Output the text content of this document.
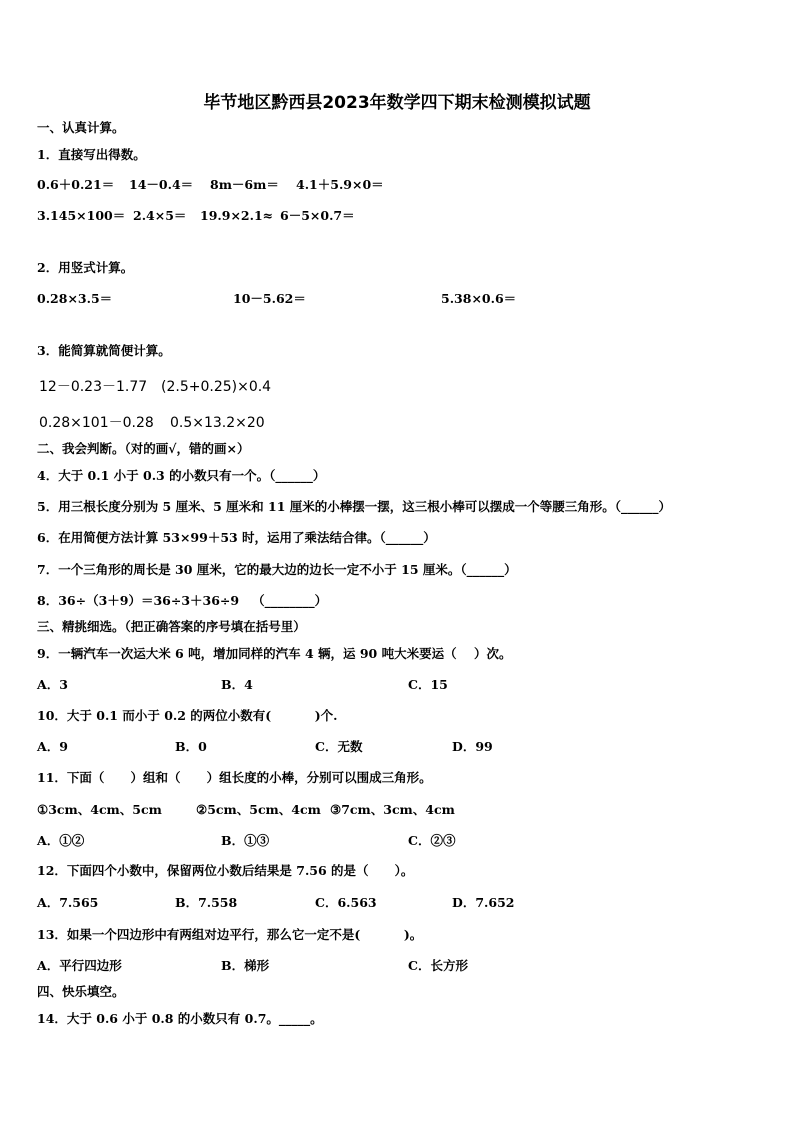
毕节地区黔西县2023年数学四下期末检测模拟试题
一、认真计算。
1．直接写出得数。
0.6＋0.21＝ 14－0.4＝ 8m－6m＝ 4.1＋5.9×0＝
3.145×100＝ 2.4×5＝ 19.9×2.1≈ 6－5×0.7＝
2．用竖式计算。
0.28×3.5＝	10－5.62＝	5.38×0.6＝
3．能简算就简便计算。
12－0.23－1.77 (2.5+0.25)×0.4
0.28×101－0.28 0.5×13.2×20
二、我会判断。（对的画√，错的画×）
4．大于 0.1 小于 0.3 的小数只有一个。（______）
5．用三根长度分别为 5 厘米、5 厘米和 11 厘米的小棒摆一摆，这三根小棒可以摆成一个等腰三角形。（______）
6．在用简便方法计算 53×99＋53 时，运用了乘法结合律。（______）
7．一个三角形的周长是 30 厘米，它的最大边的边长一定不小于 15 厘米。（______）
8．36÷（3＋9）＝36÷3＋36÷9   （________）
三、精挑细选。（把正确答案的序号填在括号里）
9．一辆汽车一次运大米 6 吨，增加同样的汽车 4 辆，运 90 吨大米要运（    ）次。
A．3	B．4	C．15
10．大于 0.1 而小于 0.2 的两位小数有(          )个.
A．9	B．0	C．无数	D．99
11．下面（      ）组和（      ）组长度的小棒，分别可以围成三角形。
①3cm、4cm、5cm	②5cm、5cm、4cm ③7cm、3cm、4cm
A．①②	B．①③	C．②③
12．下面四个小数中，保留两位小数后结果是 7.56 的是（      ）。
A．7.565	B．7.558	C．6.563	D．7.652
13．如果一个四边形中有两组对边平行，那么它一定不是(          )。
A．平行四边形	B．梯形	C．长方形
四、快乐填空。
14．大于 0.6 小于 0.8 的小数只有 0.7。_____。
